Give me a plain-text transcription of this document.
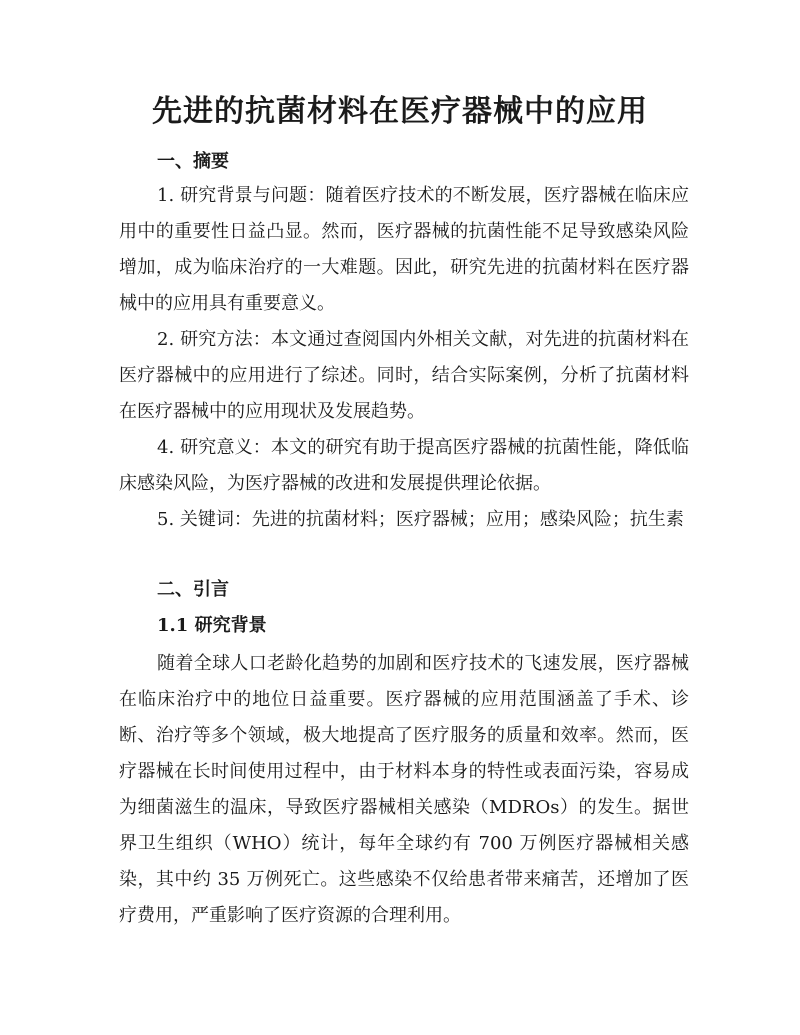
先进的抗菌材料在医疗器械中的应用
一、摘要

1. 研究背景与问题：随着医疗技术的不断发展，医疗器械在临床应用中的重要性日益凸显。然而，医疗器械的抗菌性能不足导致感染风险增加，成为临床治疗的一大难题。因此，研究先进的抗菌材料在医疗器械中的应用具有重要意义。

2. 研究方法：本文通过查阅国内外相关文献，对先进的抗菌材料在医疗器械中的应用进行了综述。同时，结合实际案例，分析了抗菌材料在医疗器械中的应用现状及发展趋势。

4. 研究意义：本文的研究有助于提高医疗器械的抗菌性能，降低临床感染风险，为医疗器械的改进和发展提供理论依据。

5. 关键词：先进的抗菌材料；医疗器械；应用；感染风险；抗生素

二、引言
1.1 研究背景

随着全球人口老龄化趋势的加剧和医疗技术的飞速发展，医疗器械在临床治疗中的地位日益重要。医疗器械的应用范围涵盖了手术、诊断、治疗等多个领域，极大地提高了医疗服务的质量和效率。然而，医疗器械在长时间使用过程中，由于材料本身的特性或表面污染，容易成为细菌滋生的温床，导致医疗器械相关感染（MDROs）的发生。据世界卫生组织（WHO）统计，每年全球约有 700 万例医疗器械相关感染，其中约 35 万例死亡。这些感染不仅给患者带来痛苦，还增加了医疗费用，严重影响了医疗资源的合理利用。
